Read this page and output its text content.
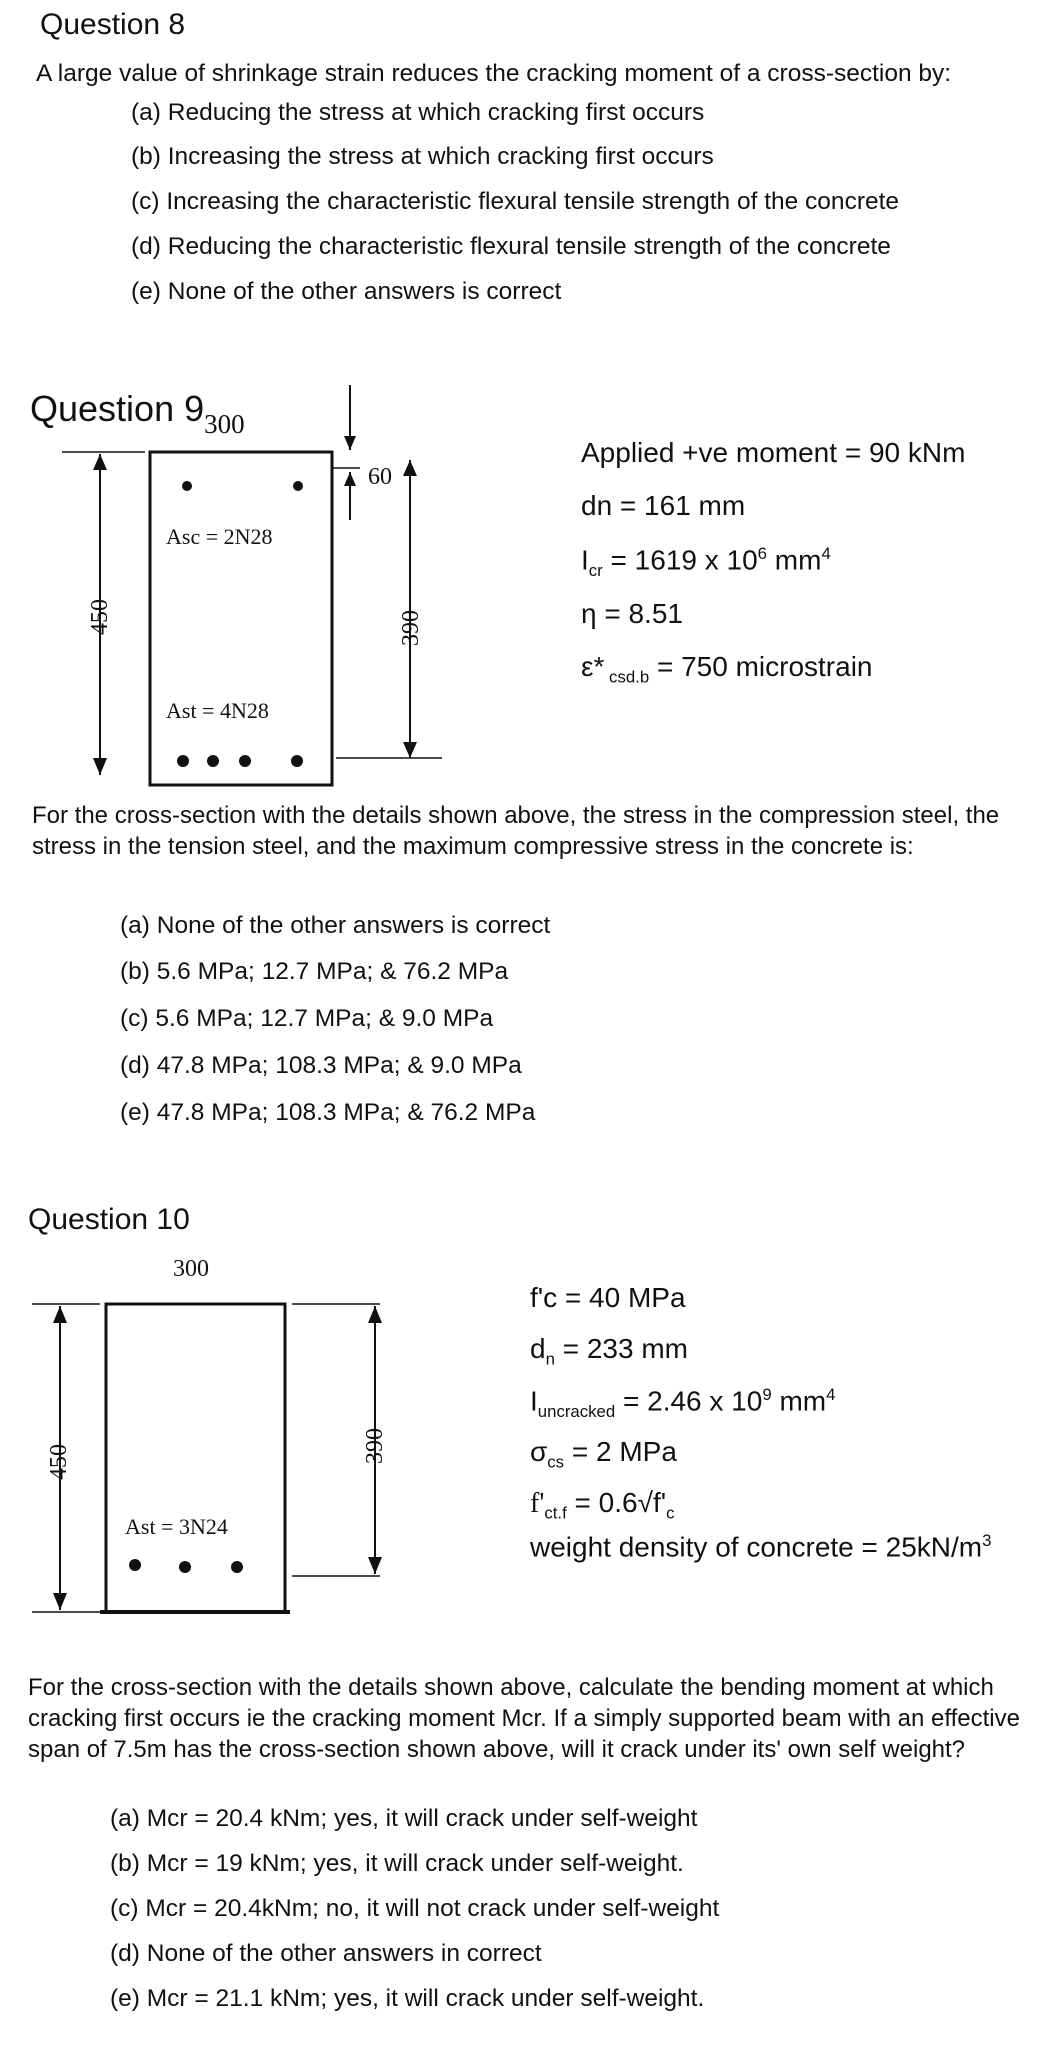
Question 8
A large value of shrinkage strain reduces the cracking moment of a cross-section by:
(a) Reducing the stress at which cracking first occurs
(b) Increasing the stress at which cracking first occurs
(c) Increasing the characteristic flexural tensile strength of the concrete
(d) Reducing the characteristic flexural tensile strength of the concrete
(e) None of the other answers is correct
Question $9_{300}$
60
450	390
Asc = 2N28
Ast = 4N28
Applied +ve moment = 90 kNm
dn = 161 mm
$I_{cr} = 1619$ x $10^6$ $mm^4$
η = 8.51
ε* $_{csd.b}$ = 750 microstrain
For the cross-section with the details shown above, the stress in the compression steel, the stress in the tension steel, and the maximum compressive stress in the concrete is:
(a) None of the other answers is correct
(b) 5.6 MPa; 12.7 MPa; & 76.2 MPa
(c) 5.6 MPa; 12.7 MPa; & 9.0 MPa
(d) 47.8 MPa; 108.3 MPa; & 9.0 MPa
(e) 47.8 MPa; 108.3 MPa; & 76.2 MPa
Question 10
300
450	390
Ast = 3N24
f'c = 40 MPa
$d_n = 233$ mm
$I_{uncracked} = 2.46$ x $10^9$ $mm^4$
$\sigma_{cs} = 2$ MPa
$f'_{ct.f} = 0.6√f'_c$
weight density of concrete = $25kN/m^3$
For the cross-section with the details shown above, calculate the bending moment at which cracking first occurs ie the cracking moment Mcr. If a simply supported beam with an effective span of 7.5m has the cross-section shown above, will it crack under its' own self weight?
(a) Mcr = 20.4 kNm; yes, it will crack under self-weight
(b) Mcr = 19 kNm; yes, it will crack under self-weight.
(c) Mcr = 20.4kNm; no, it will not crack under self-weight
(d) None of the other answers in correct
(e) Mcr = 21.1 kNm; yes, it will crack under self-weight.
